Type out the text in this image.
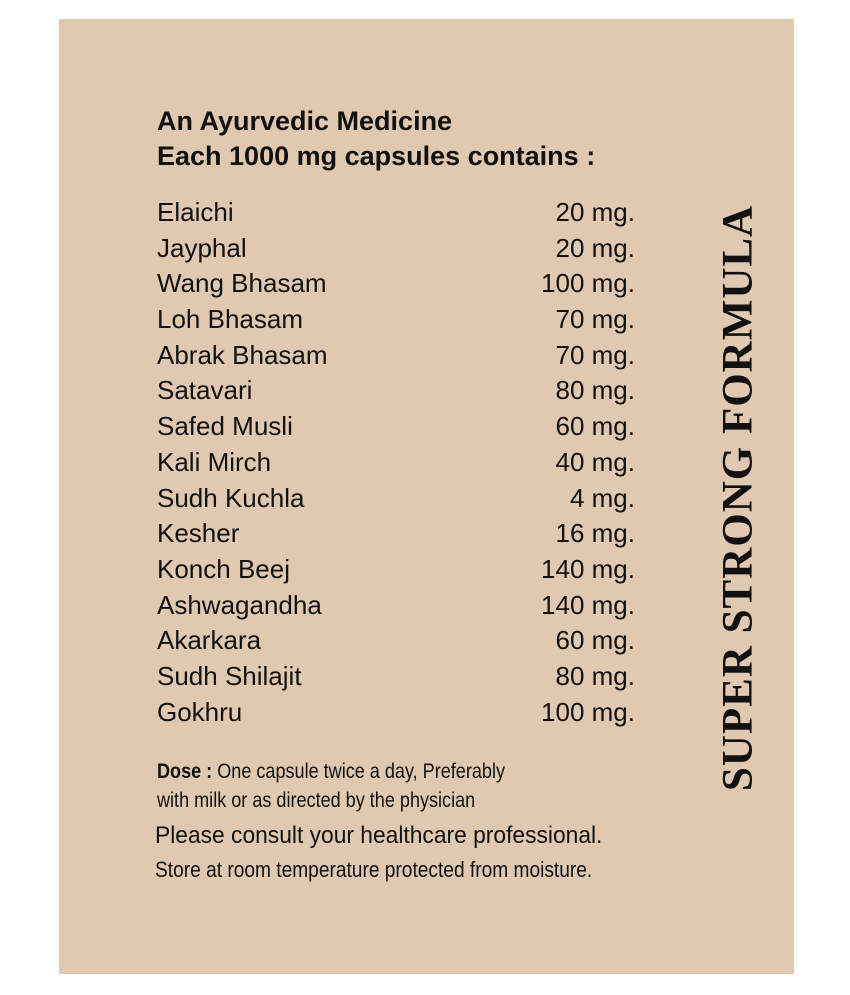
An Ayurvedic Medicine
Each 1000 mg capsules contains :
Elaichi	20 mg.
Jayphal	20 mg.
Wang Bhasam	100 mg.
Loh Bhasam	70 mg.
Abrak Bhasam	70 mg.
Satavari	80 mg.
Safed Musli	60 mg.
Kali Mirch	40 mg.
Sudh Kuchla	4 mg.
Kesher	16 mg.
Konch Beej	140 mg.
Ashwagandha	140 mg.
Akarkara	60 mg.
Sudh Shilajit	80 mg.
Gokhru	100 mg.
Dose : One capsule twice a day, Preferably
with milk or as directed by the physician
Please consult your healthcare professional.
Store at room temperature protected from moisture.
SUPER STRONG FORMULA
